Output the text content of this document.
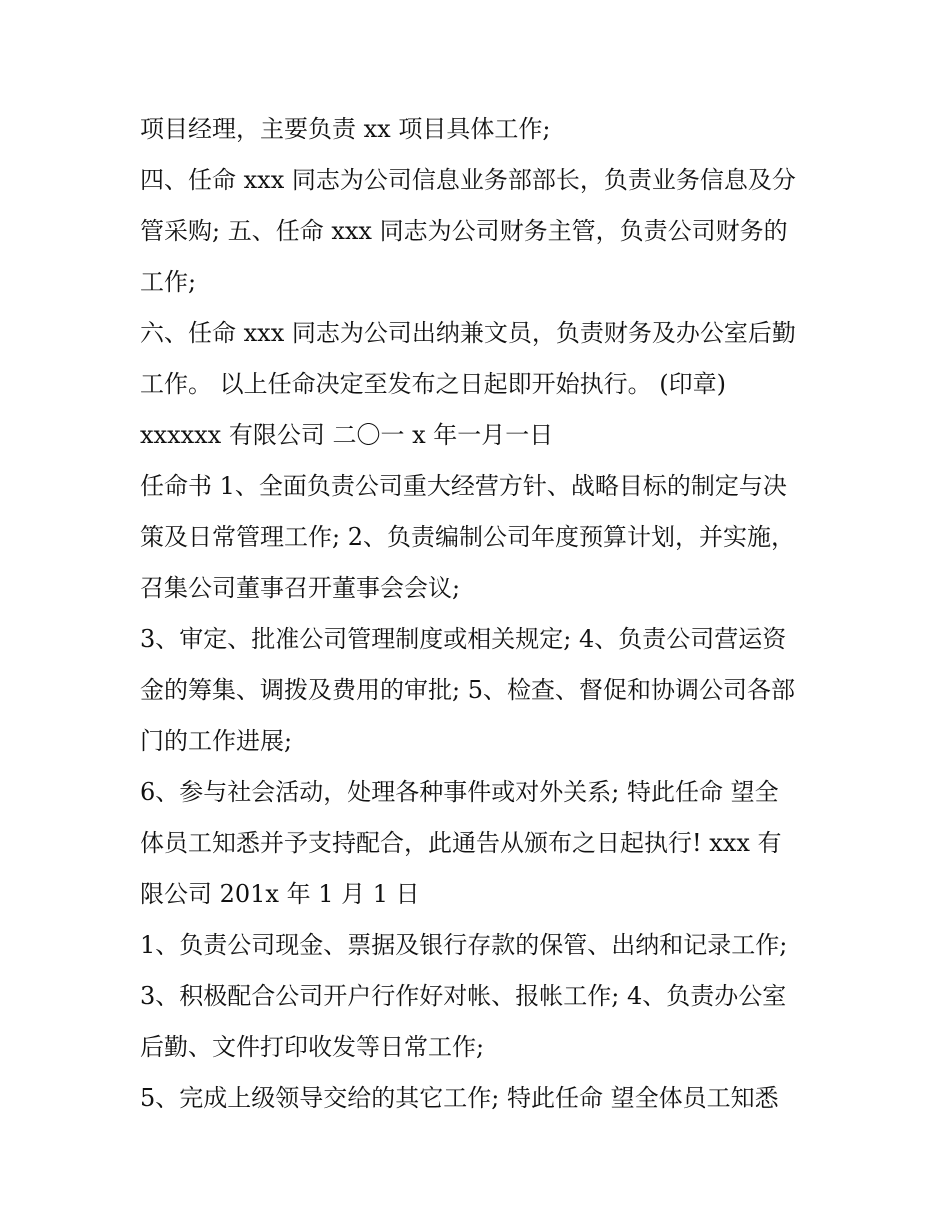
项目经理，主要负责 xx 项目具体工作;
四、任命 xxx 同志为公司信息业务部部长，负责业务信息及分
管采购; 五、任命 xxx 同志为公司财务主管，负责公司财务的
工作;
六、任命 xxx 同志为公司出纳兼文员，负责财务及办公室后勤
工作。 以上任命决定至发布之日起即开始执行。 (印章)
xxxxxx 有限公司 二〇一 x 年一月一日
任命书 1、全面负责公司重大经营方针、战略目标的制定与决
策及日常管理工作; 2、负责编制公司年度预算计划，并实施，
召集公司董事召开董事会会议;
3、审定、批准公司管理制度或相关规定; 4、负责公司营运资
金的筹集、调拨及费用的审批; 5、检查、督促和协调公司各部
门的工作进展;
6、参与社会活动，处理各种事件或对外关系; 特此任命 望全
体员工知悉并予支持配合，此通告从颁布之日起执行! xxx 有
限公司 201x 年 1 月 1 日
1、负责公司现金、票据及银行存款的保管、出纳和记录工作;
3、积极配合公司开户行作好对帐、报帐工作; 4、负责办公室
后勤、文件打印收发等日常工作;
5、完成上级领导交给的其它工作; 特此任命 望全体员工知悉
